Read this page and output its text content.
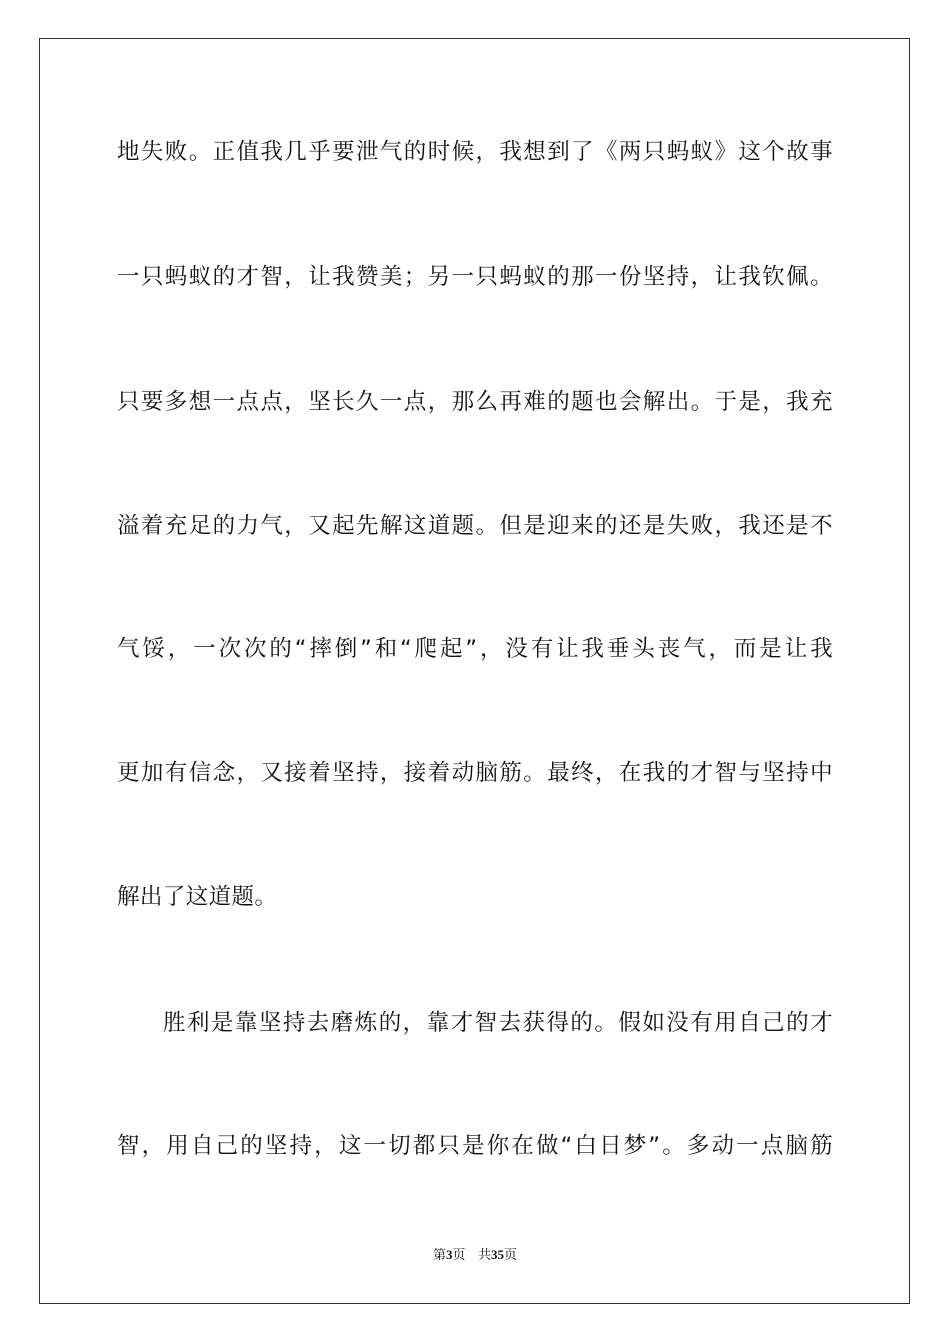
地失败。正值我几乎要泄气的时候，我想到了《两只蚂蚁》这个故事
一只蚂蚁的才智，让我赞美；另一只蚂蚁的那一份坚持，让我钦佩。
只要多想一点点，坚长久一点，那么再难的题也会解出。于是，我充
溢着充足的力气，又起先解这道题。但是迎来的还是失败，我还是不
气馁，一次次的“摔倒”和“爬起”，没有让我垂头丧气，而是让我
更加有信念，又接着坚持，接着动脑筋。最终，在我的才智与坚持中
解出了这道题。
胜利是靠坚持去磨炼的，靠才智去获得的。假如没有用自己的才
智，用自己的坚持，这一切都只是你在做“白日梦”。多动一点脑筋
第3页 共35页
